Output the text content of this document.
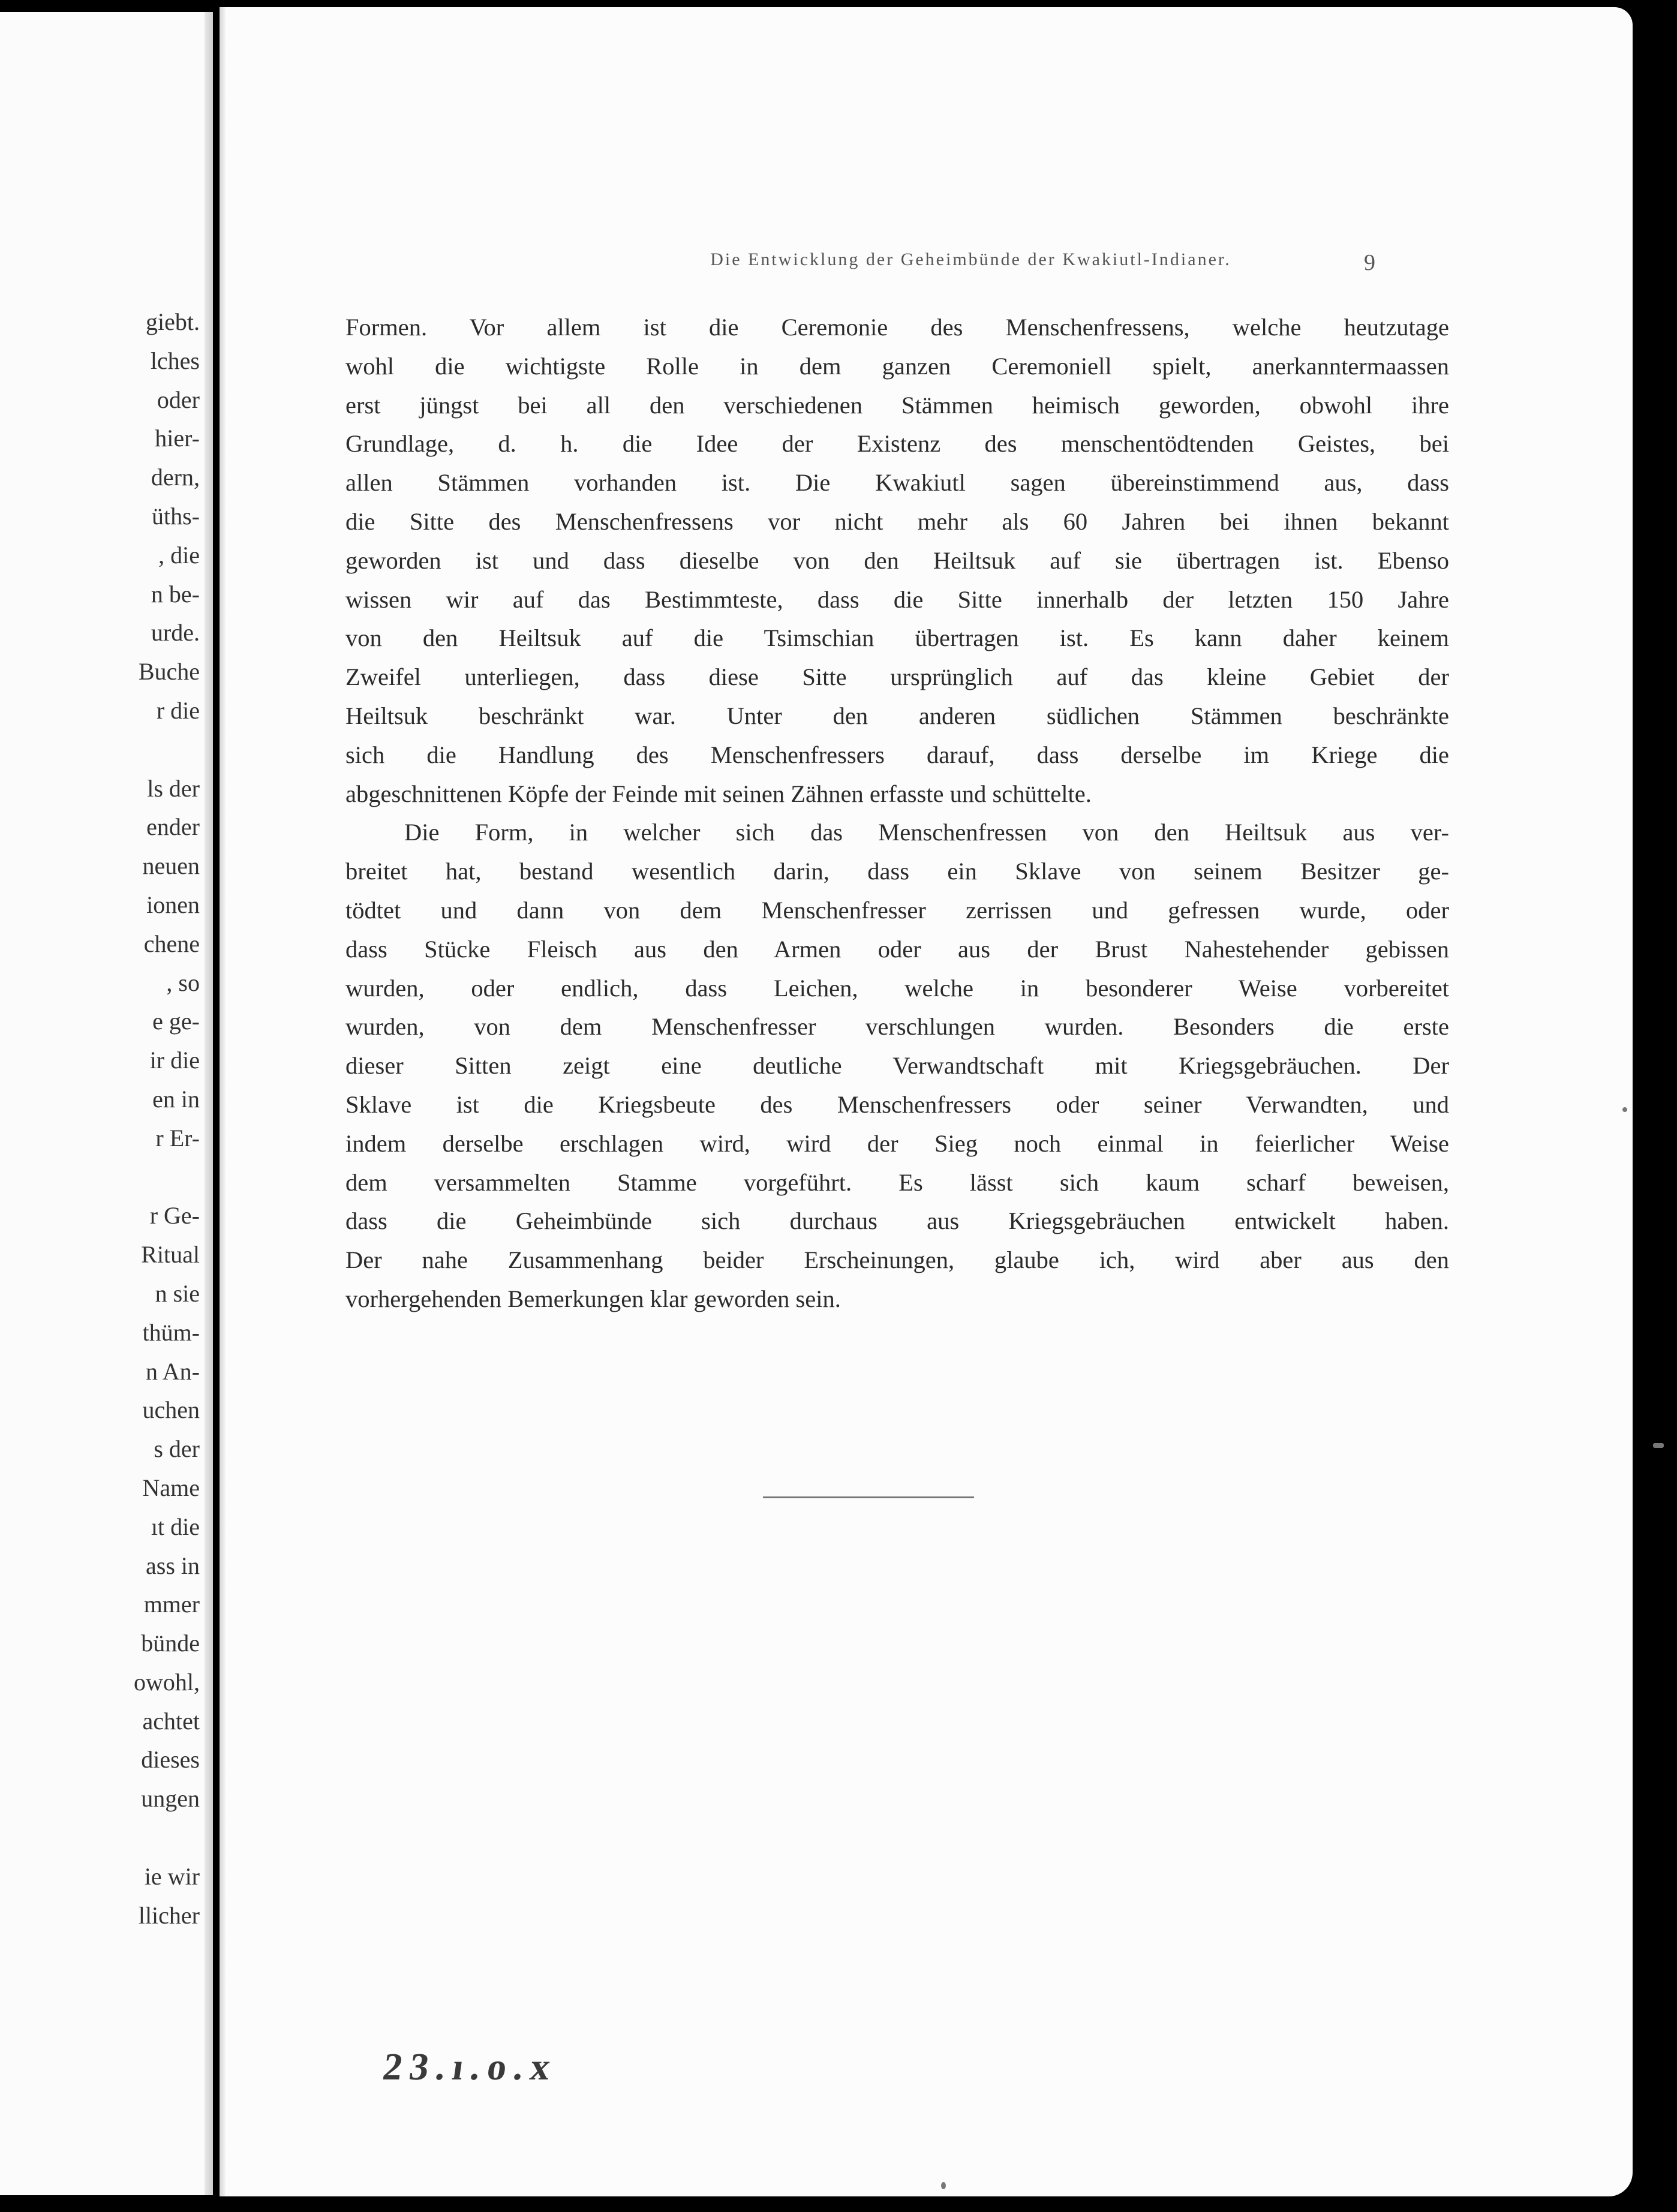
giebt.
lches
oder
hier-
dern,
üths-
, die
n be-
urde.
Buche
r die
ls der
ender
neuen
ionen
chene
, so
e ge-
ir die
en in
r Er-
r Ge-
Ritual
n sie
thüm-
n An-
uchen
s der
Name
ıt die
ass in
mmer
bünde
owohl,
achtet
dieses
ungen
ie wir
llicher
Die Entwicklung der Geheimbünde der Kwakiutl-Indianer.	9
Formen. Vor allem ist die Ceremonie des Menschenfressens, welche heutzutage
wohl die wichtigste Rolle in dem ganzen Ceremoniell spielt, anerkanntermaassen
erst jüngst bei all den verschiedenen Stämmen heimisch geworden, obwohl ihre
Grundlage, d. h. die Idee der Existenz des menschentödtenden Geistes, bei
allen Stämmen vorhanden ist. Die Kwakiutl sagen übereinstimmend aus, dass
die Sitte des Menschenfressens vor nicht mehr als 60 Jahren bei ihnen bekannt
geworden ist und dass dieselbe von den Heiltsuk auf sie übertragen ist. Ebenso
wissen wir auf das Bestimmteste, dass die Sitte innerhalb der letzten 150 Jahre
von den Heiltsuk auf die Tsimschian übertragen ist. Es kann daher keinem
Zweifel unterliegen, dass diese Sitte ursprünglich auf das kleine Gebiet der
Heiltsuk beschränkt war. Unter den anderen südlichen Stämmen beschränkte
sich die Handlung des Menschenfressers darauf, dass derselbe im Kriege die
abgeschnittenen Köpfe der Feinde mit seinen Zähnen erfasste und schüttelte.
Die Form, in welcher sich das Menschenfressen von den Heiltsuk aus ver-
breitet hat, bestand wesentlich darin, dass ein Sklave von seinem Besitzer ge-
tödtet und dann von dem Menschenfresser zerrissen und gefressen wurde, oder
dass Stücke Fleisch aus den Armen oder aus der Brust Nahestehender gebissen
wurden, oder endlich, dass Leichen, welche in besonderer Weise vorbereitet
wurden, von dem Menschenfresser verschlungen wurden. Besonders die erste
dieser Sitten zeigt eine deutliche Verwandtschaft mit Kriegsgebräuchen. Der
Sklave ist die Kriegsbeute des Menschenfressers oder seiner Verwandten, und
indem derselbe erschlagen wird, wird der Sieg noch einmal in feierlicher Weise
dem versammelten Stamme vorgeführt. Es lässt sich kaum scharf beweisen,
dass die Geheimbünde sich durchaus aus Kriegsgebräuchen entwickelt haben.
Der nahe Zusammenhang beider Erscheinungen, glaube ich, wird aber aus den
vorhergehenden Bemerkungen klar geworden sein.
23.ı.o.x
